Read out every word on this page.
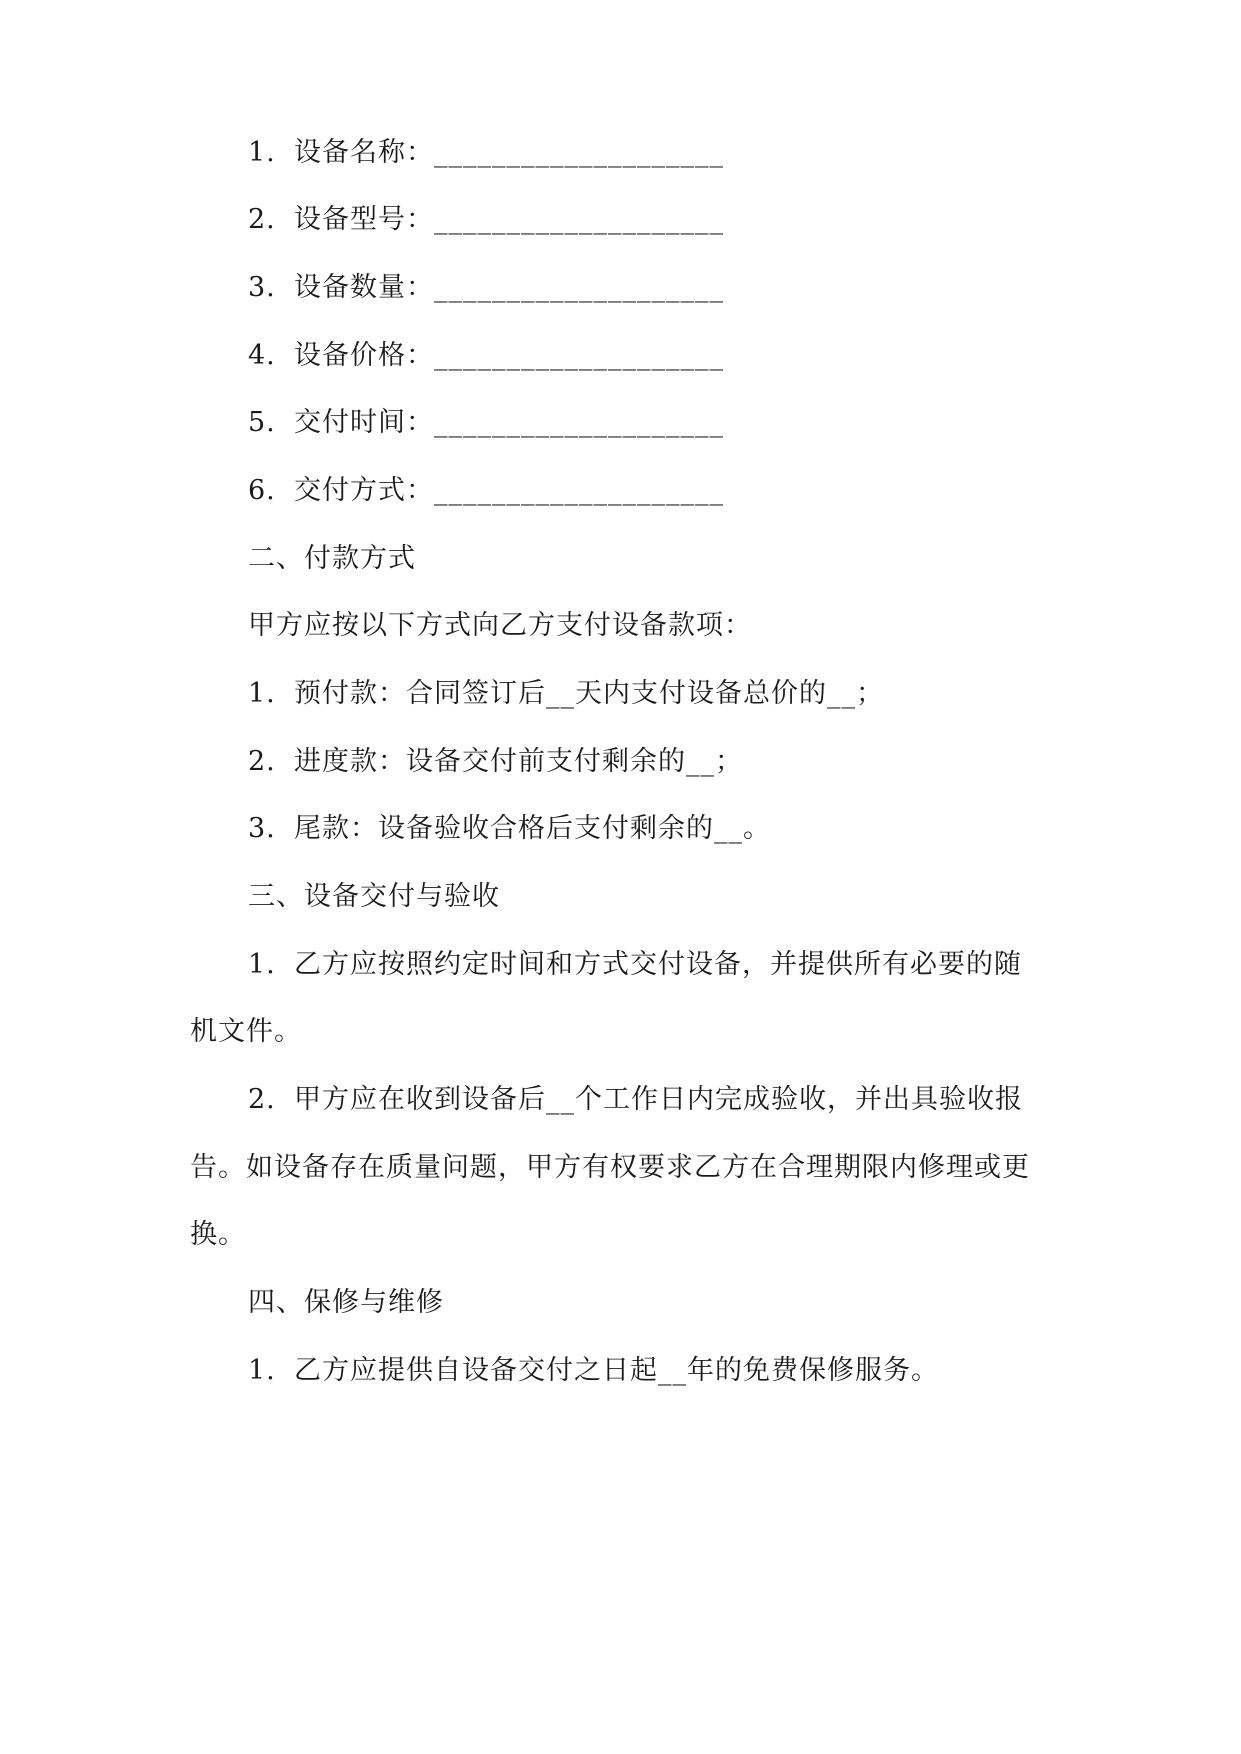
1. 设备名称：____________________
2. 设备型号：____________________
3. 设备数量：____________________
4. 设备价格：____________________
5. 交付时间：____________________
6. 交付方式：____________________
二、付款方式
甲方应按以下方式向乙方支付设备款项：
1. 预付款：合同签订后__天内支付设备总价的__；
2. 进度款：设备交付前支付剩余的__；
3. 尾款：设备验收合格后支付剩余的__。
三、设备交付与验收
1. 乙方应按照约定时间和方式交付设备，并提供所有必要的随
机文件。
2. 甲方应在收到设备后__个工作日内完成验收，并出具验收报
告。如设备存在质量问题，甲方有权要求乙方在合理期限内修理或更
换。
四、保修与维修
1. 乙方应提供自设备交付之日起__年的免费保修服务。
